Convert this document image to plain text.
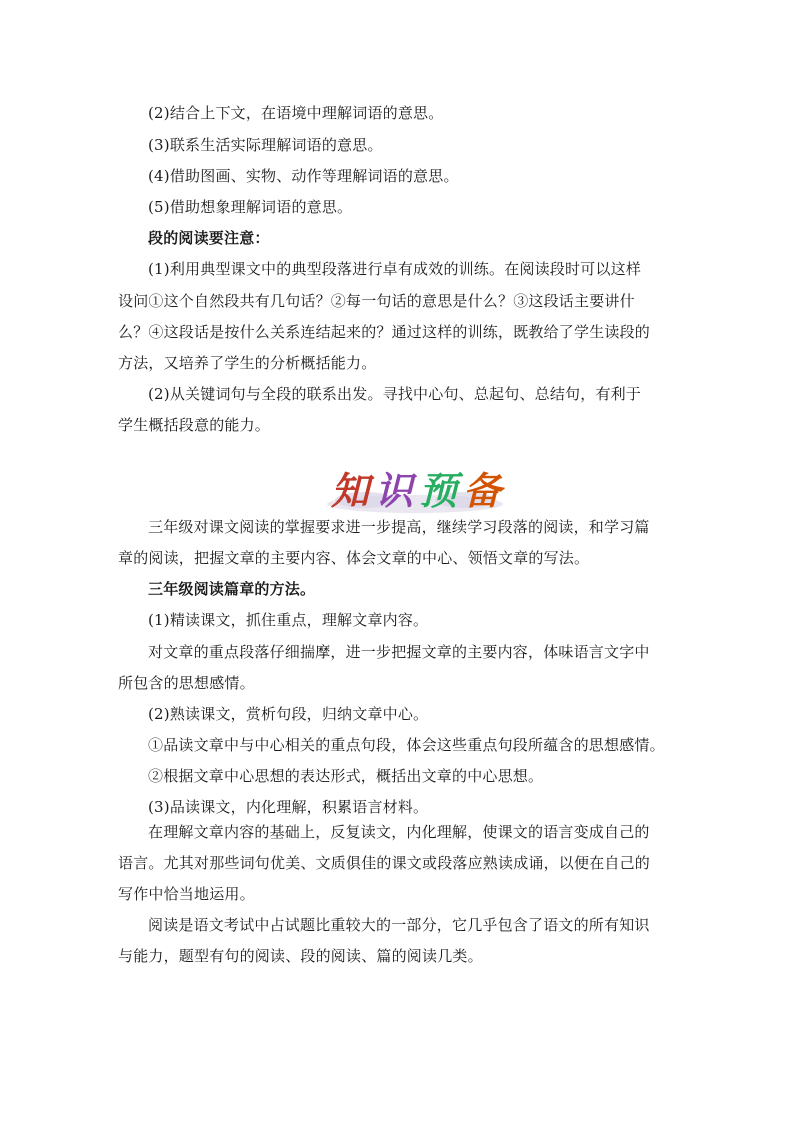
(2)结合上下文，在语境中理解词语的意思。
(3)联系生活实际理解词语的意思。
(4)借助图画、实物、动作等理解词语的意思。
(5)借助想象理解词语的意思。
段的阅读要注意：
(1)利用典型课文中的典型段落进行卓有成效的训练。在阅读段时可以这样
设问①这个自然段共有几句话？②每一句话的意思是什么？③这段话主要讲什
么？④这段话是按什么关系连结起来的？通过这样的训练，既教给了学生读段的
方法，又培养了学生的分析概括能力。
(2)从关键词句与全段的联系出发。寻找中心句、总起句、总结句，有利于
学生概括段意的能力。
知 识 预 备
三年级对课文阅读的掌握要求进一步提高，继续学习段落的阅读，和学习篇
章的阅读，把握文章的主要内容、体会文章的中心、领悟文章的写法。
三年级阅读篇章的方法。
(1)精读课文，抓住重点，理解文章内容。
对文章的重点段落仔细揣摩，进一步把握文章的主要内容，体味语言文字中
所包含的思想感情。
(2)熟读课文，赏析句段，归纳文章中心。
①品读文章中与中心相关的重点句段，体会这些重点句段所蕴含的思想感情。
②根据文章中心思想的表达形式，概括出文章的中心思想。
(3)品读课文，内化理解，积累语言材料。
在理解文章内容的基础上，反复读文，内化理解，使课文的语言变成自己的
语言。尤其对那些词句优美、文质俱佳的课文或段落应熟读成诵，以便在自己的
写作中恰当地运用。
阅读是语文考试中占试题比重较大的一部分，它几乎包含了语文的所有知识
与能力，题型有句的阅读、段的阅读、篇的阅读几类。
